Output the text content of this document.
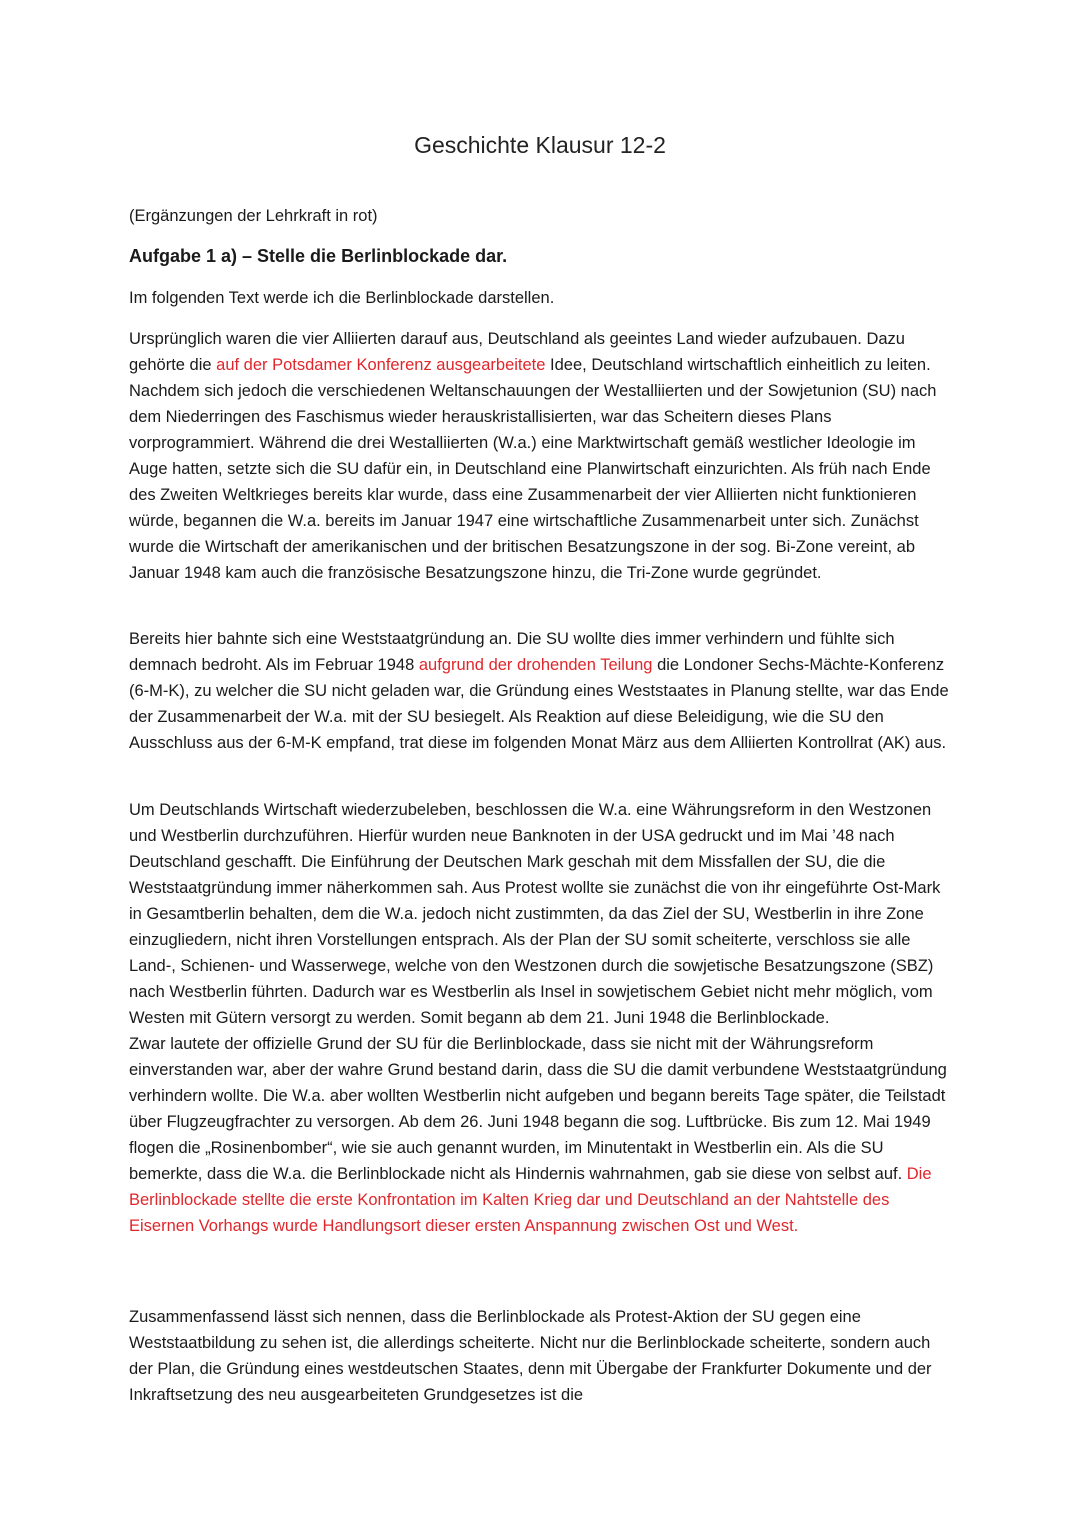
Geschichte Klausur 12-2
(Ergänzungen der Lehrkraft in rot)
Aufgabe 1 a) – Stelle die Berlinblockade dar.
Im folgenden Text werde ich die Berlinblockade darstellen.

Ursprünglich waren die vier Alliierten darauf aus, Deutschland als geeintes Land wieder aufzubauen. Dazu gehörte die auf der Potsdamer Konferenz ausgearbeitete Idee, Deutschland wirtschaftlich einheitlich zu leiten. Nachdem sich jedoch die verschiedenen Weltanschauungen der Westalliierten und der Sowjetunion (SU) nach dem Niederringen des Faschismus wieder herauskristallisierten, war das Scheitern dieses Plans vorprogrammiert. Während die drei Westalliierten (W.a.) eine Marktwirtschaft gemäß westlicher Ideologie im Auge hatten, setzte sich die SU dafür ein, in Deutschland eine Planwirtschaft einzurichten. Als früh nach Ende des Zweiten Weltkrieges bereits klar wurde, dass eine Zusammenarbeit der vier Alliierten nicht funktionieren würde, begannen die W.a. bereits im Januar 1947 eine wirtschaftliche Zusammenarbeit unter sich. Zunächst wurde die Wirtschaft der amerikanischen und der britischen Besatzungszone in der sog. Bi-Zone vereint, ab Januar 1948 kam auch die französische Besatzungszone hinzu, die Tri-Zone wurde gegründet.

Bereits hier bahnte sich eine Weststaatgründung an. Die SU wollte dies immer verhindern und fühlte sich demnach bedroht. Als im Februar 1948 aufgrund der drohenden Teilung die Londoner Sechs-Mächte-Konferenz (6-M-K), zu welcher die SU nicht geladen war, die Gründung eines Weststaates in Planung stellte, war das Ende der Zusammenarbeit der W.a. mit der SU besiegelt. Als Reaktion auf diese Beleidigung, wie die SU den Ausschluss aus der 6-M-K empfand, trat diese im folgenden Monat März aus dem Alliierten Kontrollrat (AK) aus.

Um Deutschlands Wirtschaft wiederzubeleben, beschlossen die W.a. eine Währungsreform in den Westzonen und Westberlin durchzuführen. Hierfür wurden neue Banknoten in der USA gedruckt und im Mai ’48 nach Deutschland geschafft. Die Einführung der Deutschen Mark geschah mit dem Missfallen der SU, die die Weststaatgründung immer näherkommen sah. Aus Protest wollte sie zunächst die von ihr eingeführte Ost-Mark in Gesamtberlin behalten, dem die W.a. jedoch nicht zustimmten, da das Ziel der SU, Westberlin in ihre Zone einzugliedern, nicht ihren Vorstellungen entsprach. Als der Plan der SU somit scheiterte, verschloss sie alle Land-, Schienen- und Wasserwege, welche von den Westzonen durch die sowjetische Besatzungszone (SBZ) nach Westberlin führten. Dadurch war es Westberlin als Insel in sowjetischem Gebiet nicht mehr möglich, vom Westen mit Gütern versorgt zu werden. Somit begann ab dem 21. Juni 1948 die Berlinblockade.
Zwar lautete der offizielle Grund der SU für die Berlinblockade, dass sie nicht mit der Währungsreform einverstanden war, aber der wahre Grund bestand darin, dass die SU die damit verbundene Weststaatgründung verhindern wollte. Die W.a. aber wollten Westberlin nicht aufgeben und begann bereits Tage später, die Teilstadt über Flugzeugfrachter zu versorgen. Ab dem 26. Juni 1948 begann die sog. Luftbrücke. Bis zum 12. Mai 1949 flogen die „Rosinenbomber“, wie sie auch genannt wurden, im Minutentakt in Westberlin ein. Als die SU bemerkte, dass die W.a. die Berlinblockade nicht als Hindernis wahrnahmen, gab sie diese von selbst auf. Die Berlinblockade stellte die erste Konfrontation im Kalten Krieg dar und Deutschland an der Nahtstelle des Eisernen Vorhangs wurde Handlungsort dieser ersten Anspannung zwischen Ost und West.

Zusammenfassend lässt sich nennen, dass die Berlinblockade als Protest-Aktion der SU gegen eine Weststaatbildung zu sehen ist, die allerdings scheiterte. Nicht nur die Berlinblockade scheiterte, sondern auch der Plan, die Gründung eines westdeutschen Staates, denn mit Übergabe der Frankfurter Dokumente und der Inkraftsetzung des neu ausgearbeiteten Grundgesetzes ist die
